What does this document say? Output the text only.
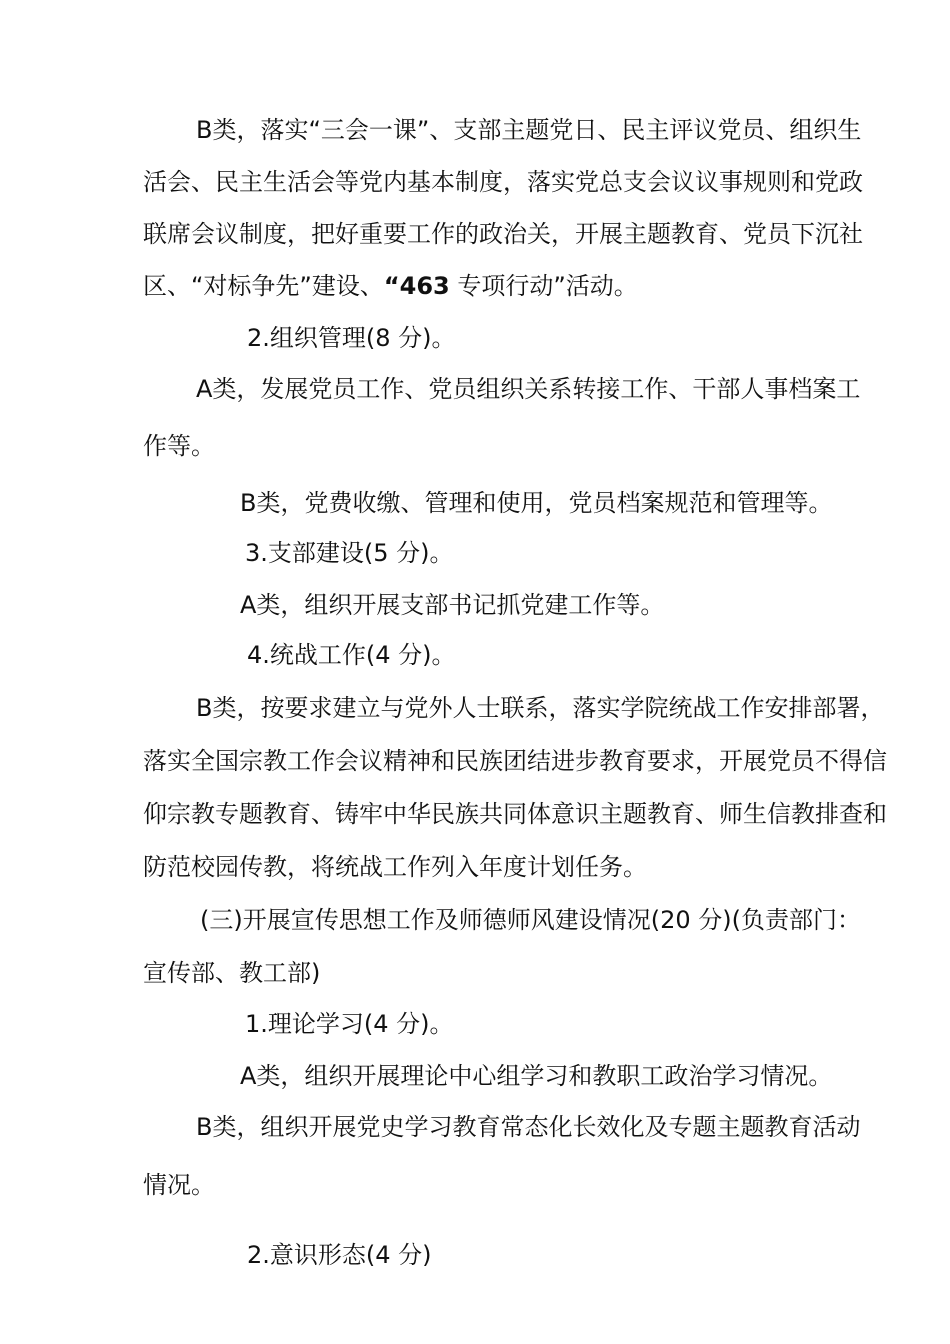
B类，落实“三会一课”、支部主题党日、民主评议党员、组织生

活会、民主生活会等党内基本制度，落实党总支会议议事规则和党政

联席会议制度，把好重要工作的政治关，开展主题教育、党员下沉社

区、“对标争先”建设、“463 专项行动”活动。

2.组织管理(8 分)。

A类，发展党员工作、党员组织关系转接工作、干部人事档案工

作等。

B类，党费收缴、管理和使用，党员档案规范和管理等。

3.支部建设(5 分)。

A类，组织开展支部书记抓党建工作等。

4.统战工作(4 分)。

B类，按要求建立与党外人士联系，落实学院统战工作安排部署，

落实全国宗教工作会议精神和民族团结进步教育要求，开展党员不得信

仰宗教专题教育、铸牢中华民族共同体意识主题教育、师生信教排查和

防范校园传教，将统战工作列入年度计划任务。

(三)开展宣传思想工作及师德师风建设情况(20 分)(负责部门：

宣传部、教工部)

1.理论学习(4 分)。

A类，组织开展理论中心组学习和教职工政治学习情况。

B类，组织开展党史学习教育常态化长效化及专题主题教育活动

情况。

2.意识形态(4 分)
